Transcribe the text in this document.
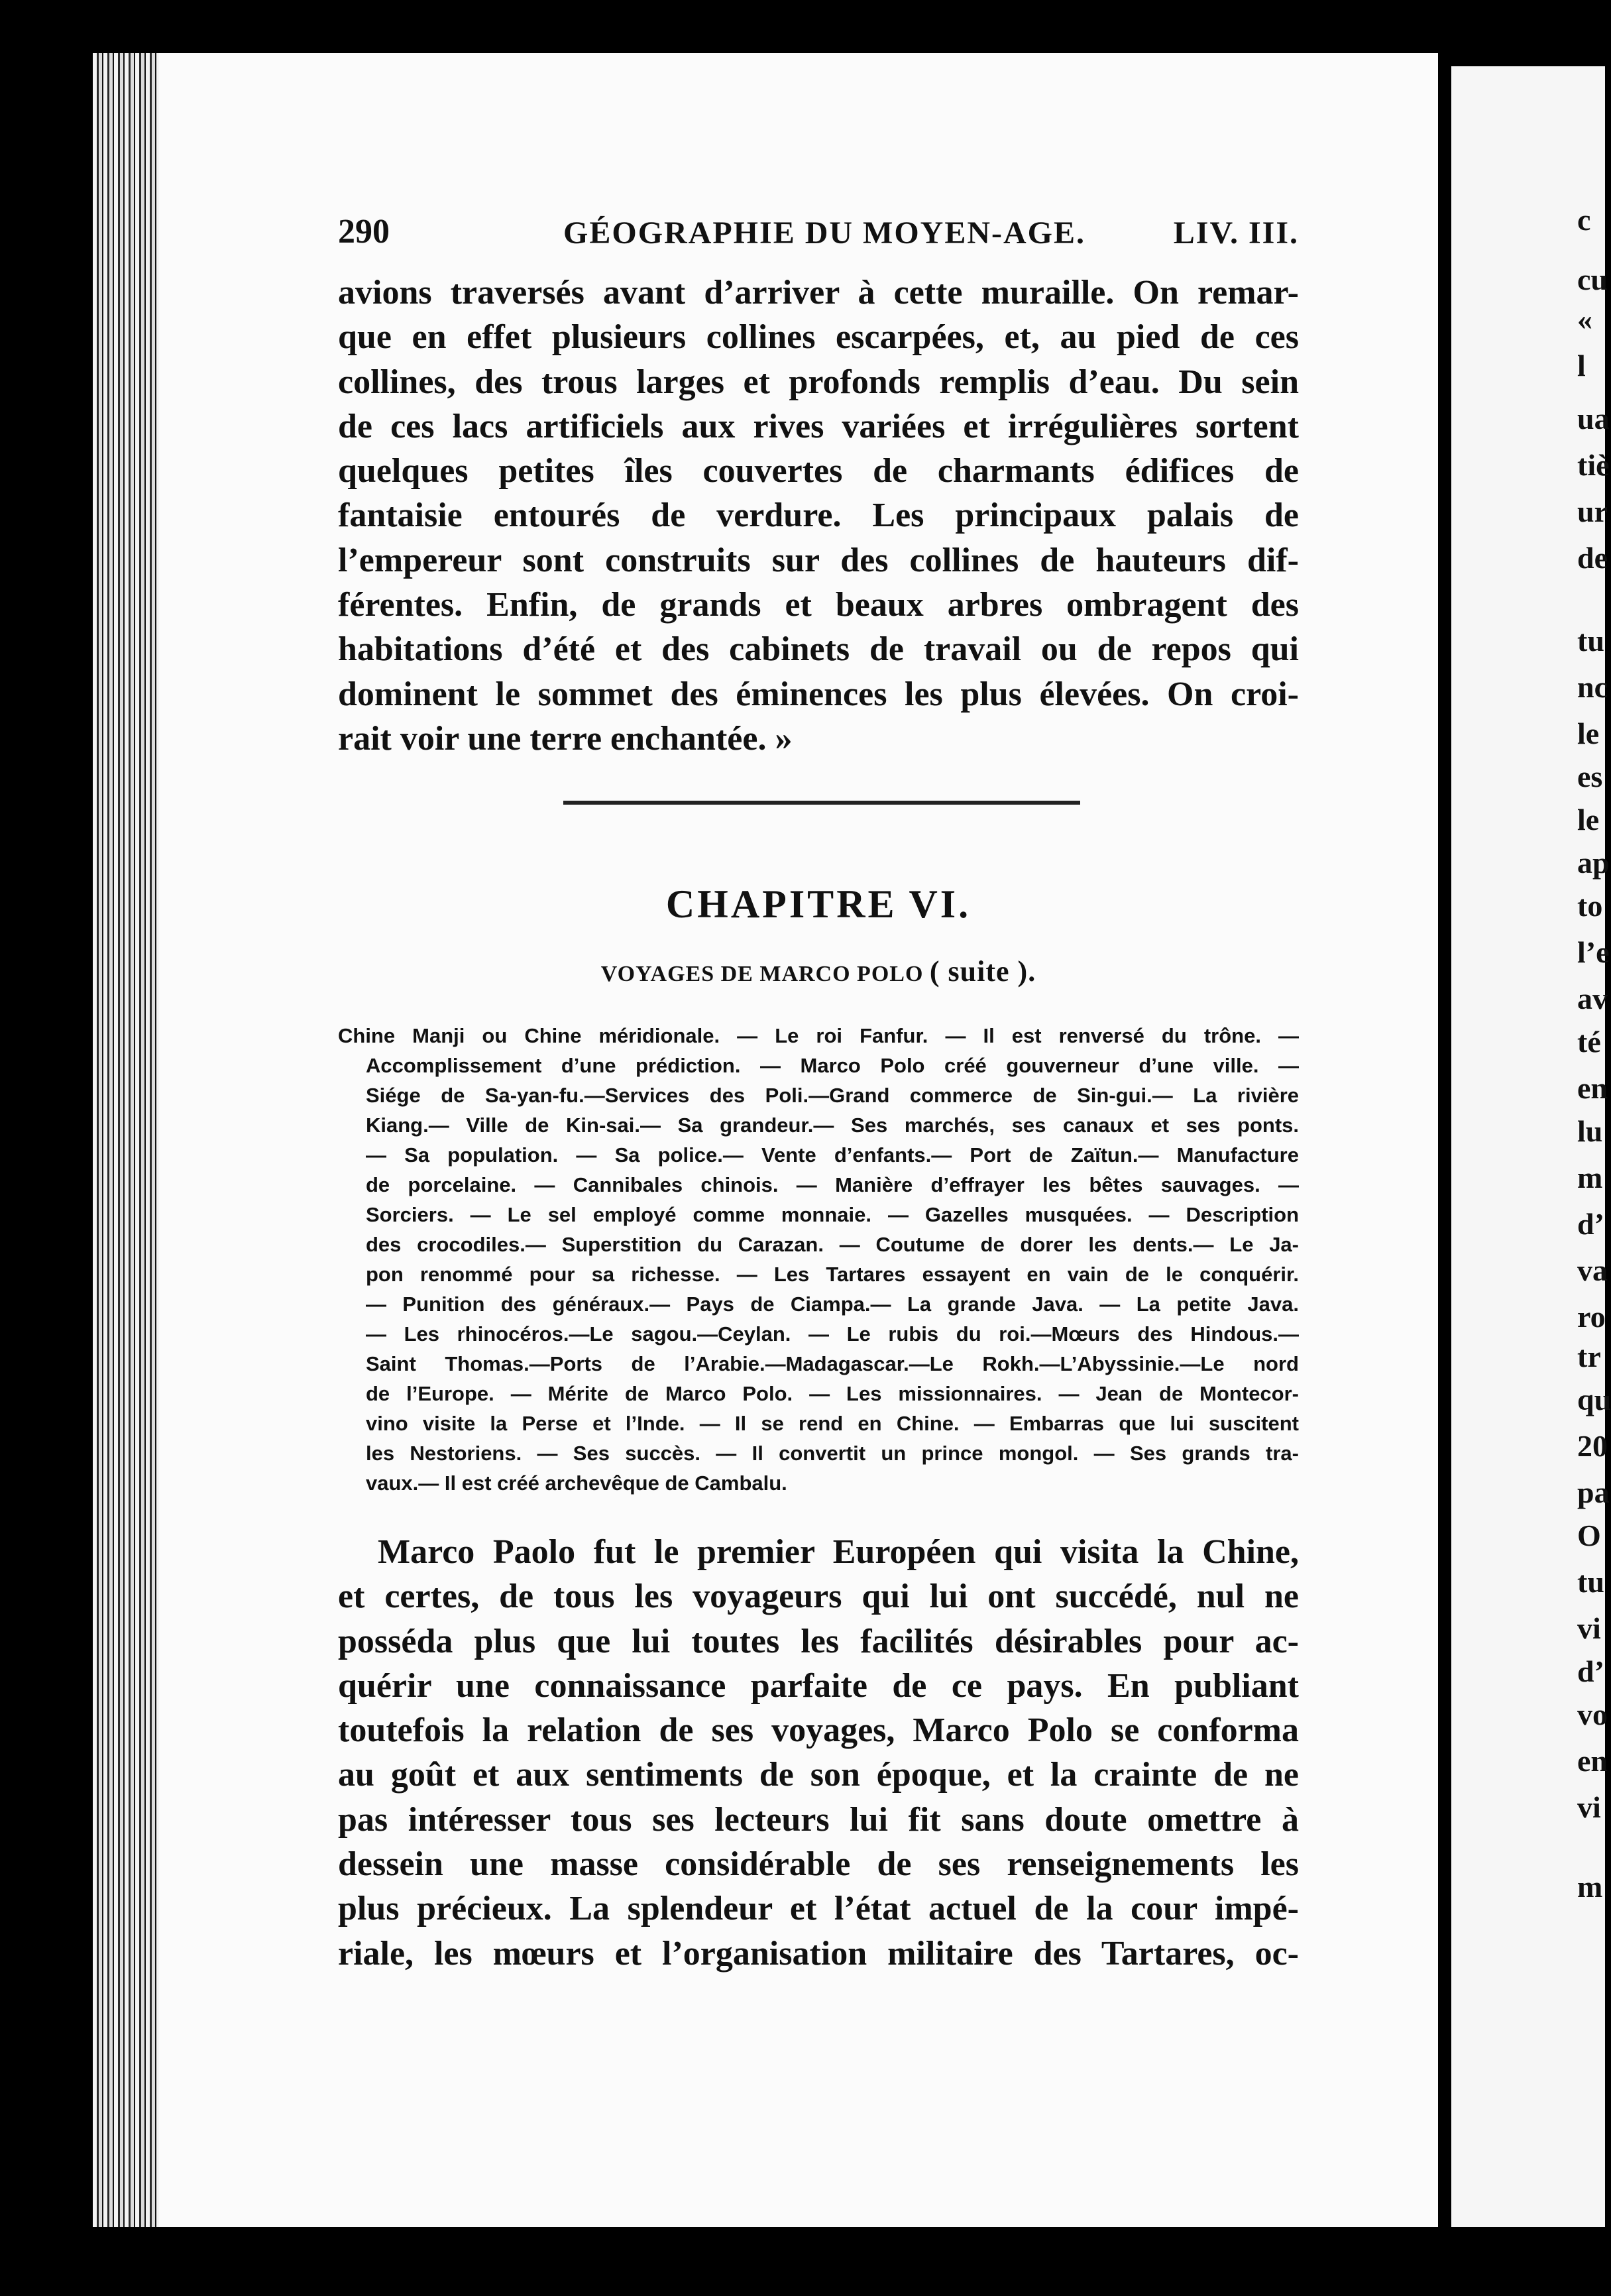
c
cu
«
l
ua
tiè
ur
de
tu
nc
le
es
le
ap
to
l’e
av
té
en
lu
m
d’
va
ro
tr
qu
20
pa
O
tu
vi
d’
vo
en
vi
m
290	GÉOGRAPHIE DU MOYEN-AGE.	LIV. III.
avions traversés avant d’arriver à cette muraille. On remar-
que en effet plusieurs collines escarpées, et, au pied de ces
collines, des trous larges et profonds remplis d’eau. Du sein
de ces lacs artificiels aux rives variées et irrégulières sortent
quelques petites îles couvertes de charmants édifices de
fantaisie entourés de verdure. Les principaux palais de
l’empereur sont construits sur des collines de hauteurs dif-
férentes. Enfin, de grands et beaux arbres ombragent des
habitations d’été et des cabinets de travail ou de repos qui
dominent le sommet des éminences les plus élevées. On croi-
rait voir une terre enchantée. »
CHAPITRE VI.
VOYAGES DE MARCO POLO ( suite ).
Chine Manji ou Chine méridionale. — Le roi Fanfur. — Il est renversé du trône. —
Accomplissement d’une prédiction. — Marco Polo créé gouverneur d’une ville. —
Siége de Sa-yan-fu.—Services des Poli.—Grand commerce de Sin-gui.— La rivière
Kiang.— Ville de Kin-sai.— Sa grandeur.— Ses marchés, ses canaux et ses ponts.
— Sa population. — Sa police.— Vente d’enfants.— Port de Zaïtun.— Manufacture
de porcelaine. — Cannibales chinois. — Manière d’effrayer les bêtes sauvages. —
Sorciers. — Le sel employé comme monnaie. — Gazelles musquées. — Description
des crocodiles.— Superstition du Carazan. — Coutume de dorer les dents.— Le Ja-
pon renommé pour sa richesse. — Les Tartares essayent en vain de le conquérir.
— Punition des généraux.— Pays de Ciampa.— La grande Java. — La petite Java.
— Les rhinocéros.—Le sagou.—Ceylan. — Le rubis du roi.—Mœurs des Hindous.—
Saint Thomas.—Ports de l’Arabie.—Madagascar.—Le Rokh.—L’Abyssinie.—Le nord
de l’Europe. — Mérite de Marco Polo. — Les missionnaires. — Jean de Montecor-
vino visite la Perse et l’Inde. — Il se rend en Chine. — Embarras que lui suscitent
les Nestoriens. — Ses succès. — Il convertit un prince mongol. — Ses grands tra-
vaux.— Il est créé archevêque de Cambalu.
Marco Paolo fut le premier Européen qui visita la Chine,
et certes, de tous les voyageurs qui lui ont succédé, nul ne
posséda plus que lui toutes les facilités désirables pour ac-
quérir une connaissance parfaite de ce pays. En publiant
toutefois la relation de ses voyages, Marco Polo se conforma
au goût et aux sentiments de son époque, et la crainte de ne
pas intéresser tous ses lecteurs lui fit sans doute omettre à
dessein une masse considérable de ses renseignements les
plus précieux. La splendeur et l’état actuel de la cour impé-
riale, les mœurs et l’organisation militaire des Tartares, oc-
